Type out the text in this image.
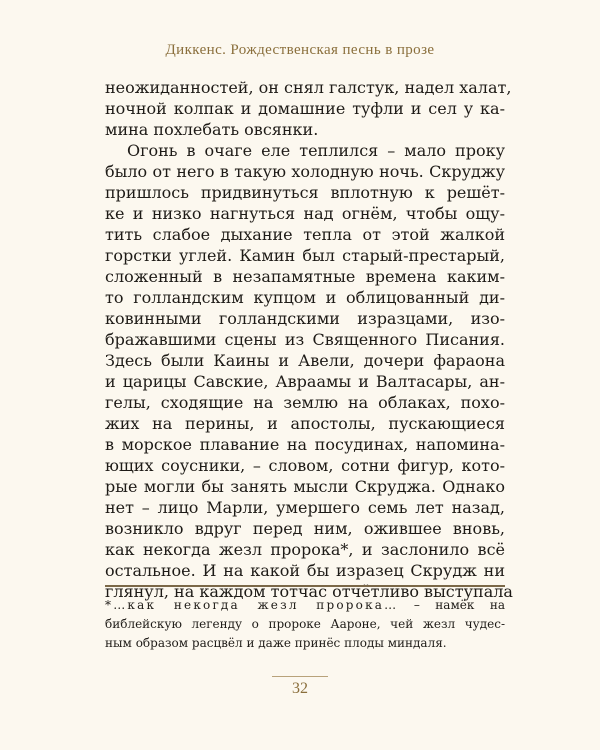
Диккенс. Рождественская песнь в прозе
неожиданностей, он снял галстук, надел халат,
ночной колпак и домашние туфли и сел у ка-
мина похлебать овсянки.
Огонь в очаге еле теплился – мало проку
было от него в такую холодную ночь. Скруджу
пришлось придвинуться вплотную к решёт-
ке и низко нагнуться над огнём, чтобы ощу-
тить слабое дыхание тепла от этой жалкой
горстки углей. Камин был старый-престарый,
сложенный в незапамятные времена каким-
то голландским купцом и облицованный ди-
ковинными голландскими изразцами, изо-
бражавшими сцены из Священного Писания.
Здесь были Каины и Авели, дочери фараона
и царицы Савские, Авраамы и Валтасары, ан-
гелы, сходящие на землю на облаках, похо-
жих на перины, и апостолы, пускающиеся
в морское плавание на посудинах, напомина-
ющих соусники, – словом, сотни фигур, кото-
рые могли бы занять мысли Скруджа. Однако
нет – лицо Марли, умершего семь лет назад,
возникло вдруг перед ним, ожившее вновь,
как некогда жезл пророка*, и заслонило всё
остальное. И на какой бы изразец Скрудж ни
глянул, на каждом тотчас отчётливо выступала
*…как некогда жезл пророка… – намёк на
библейскую легенду о пророке Аароне, чей жезл чудес-
ным образом расцвёл и даже принёс плоды миндаля.
32
